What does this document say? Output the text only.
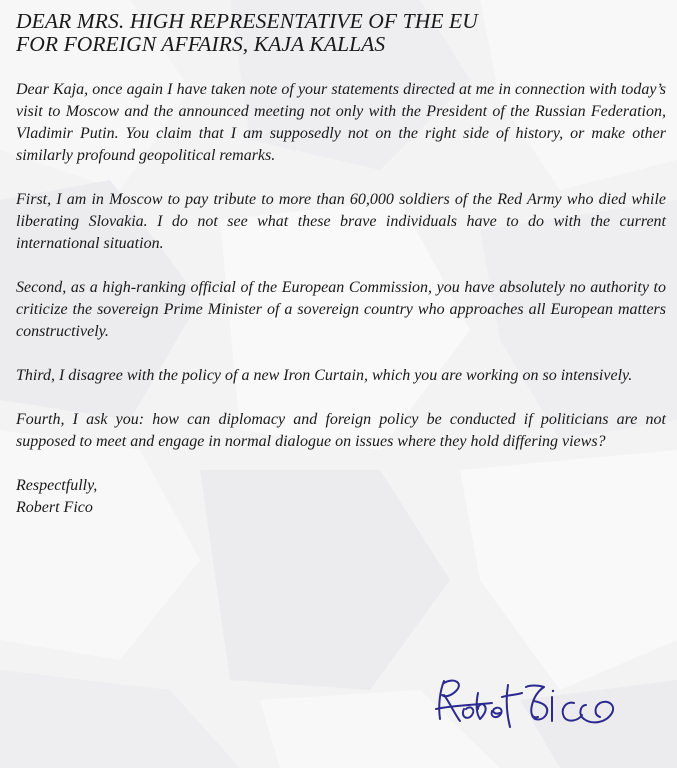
DEAR MRS. HIGH REPRESENTATIVE OF THE EU
FOR FOREIGN AFFAIRS, KAJA KALLAS

Dear Kaja, once again I have taken note of your statements directed at me in connection with today’s visit to Moscow and the announced meeting not only with the President of the Russian Federation, Vladimir Putin. You claim that I am supposedly not on the right side of history, or make other similarly profound geopolitical remarks.

First, I am in Moscow to pay tribute to more than 60,000 soldiers of the Red Army who died while liberating Slovakia. I do not see what these brave individuals have to do with the current international situation.

Second, as a high-ranking official of the European Commission, you have absolutely no authority to criticize the sovereign Prime Minister of a sovereign country who approaches all European matters constructively.

Third, I disagree with the policy of a new Iron Curtain, which you are working on so intensively.

Fourth, I ask you: how can diplomacy and foreign policy be conducted if politicians are not supposed to meet and engage in normal dialogue on issues where they hold differing views?

Respectfully,
Robert Fico
